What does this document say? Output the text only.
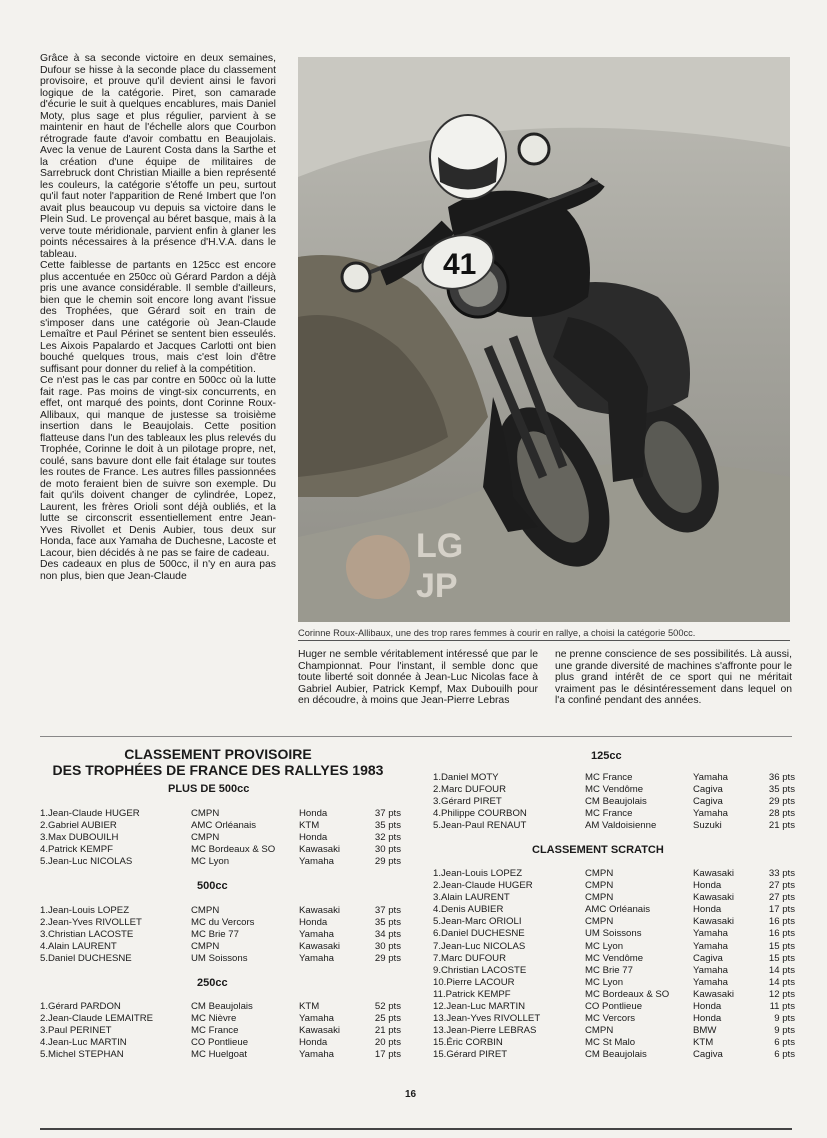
Grâce à sa seconde victoire en deux semaines, Dufour se hisse à la seconde place du classement provisoire, et prouve qu'il devient ainsi le favori logique de la catégorie. Piret, son camarade d'écurie le suit à quelques encablures, mais Daniel Moty, plus sage et plus régulier, parvient à se maintenir en haut de l'échelle alors que Courbon rétrograde faute d'avoir combattu en Beaujolais. Avec la venue de Laurent Costa dans la Sarthe et la création d'une équipe de militaires de Sarrebruck dont Christian Miaille a bien représenté les couleurs, la catégorie s'étoffe un peu, surtout qu'il faut noter l'apparition de René Imbert que l'on avait plus beaucoup vu depuis sa victoire dans le Plein Sud. Le provençal au béret basque, mais à la verve toute méridionale, parvient enfin à glaner les points nécessaires à la présence d'H.V.A. dans le tableau.

Cette faiblesse de partants en 125cc est encore plus accentuée en 250cc où Gérard Pardon a déjà pris une avance considérable. Il semble d'ailleurs, bien que le chemin soit encore long avant l'issue des Trophées, que Gérard soit en train de s'imposer dans une catégorie où Jean-Claude Lemaître et Paul Périnet se sentent bien esseulés. Les Aixois Papalardo et Jacques Carlotti ont bien bouché quelques trous, mais c'est loin d'être suffisant pour donner du relief à la compétition.

Ce n'est pas le cas par contre en 500cc où la lutte fait rage. Pas moins de vingt-six concurrents, en effet, ont marqué des points, dont Corinne Roux-Allibaux, qui manque de justesse sa troisième insertion dans le Beaujolais. Cette position flatteuse dans l'un des tableaux les plus relevés du Trophée, Corinne le doit à un pilotage propre, net, coulé, sans bavure dont elle fait étalage sur toutes les routes de France. Les autres filles passionnées de moto feraient bien de suivre son exemple. Du fait qu'ils doivent changer de cylindrée, Lopez, Laurent, les frères Orioli sont déjà oubliés, et la lutte se circonscrit essentiellement entre Jean-Yves Rivollet et Denis Aubier, tous deux sur Honda, face aux Yamaha de Duchesne, Lacoste et Lacour, bien décidés à ne pas se faire de cadeau.

Des cadeaux en plus de 500cc, il n'y en aura pas non plus, bien que Jean-Claude

41
LG
JP
Corinne Roux-Allibaux, une des trop rares femmes à courir en rallye, a choisi la catégorie 500cc.

Huger ne semble véritablement intéressé que par le Championnat. Pour l'instant, il semble donc que toute liberté soit donnée à Jean-Luc Nicolas face à Gabriel Aubier, Patrick Kempf, Max Dubouilh pour en découdre, à moins que Jean-Pierre Lebras

ne prenne conscience de ses possibilités. Là aussi, une grande diversité de machines s'affronte pour le plus grand intérêt de ce sport qui ne méritait vraiment pas le désintéressement dans lequel on l'a confiné pendant des années.

CLASSEMENT PROVISOIRE
DES TROPHÉES DE FRANCE DES RALLYES 1983
PLUS DE 500cc
1.Jean-Claude HUGER	CMPN	Honda	37 pts
2.Gabriel AUBIER	AMC Orléanais	KTM	35 pts
3.Max DUBOUILH	CMPN	Honda	32 pts
4.Patrick KEMPF	MC Bordeaux & SO	Kawasaki	30 pts
5.Jean-Luc NICOLAS	MC Lyon	Yamaha	29 pts
500cc
1.Jean-Louis LOPEZ	CMPN	Kawasaki	37 pts
2.Jean-Yves RIVOLLET	MC du Vercors	Honda	35 pts
3.Christian LACOSTE	MC Brie 77	Yamaha	34 pts
4.Alain LAURENT	CMPN	Kawasaki	30 pts
5.Daniel DUCHESNE	UM Soissons	Yamaha	29 pts
250cc
1.Gérard PARDON	CM Beaujolais	KTM	52 pts
2.Jean-Claude LEMAITRE	MC Nièvre	Yamaha	25 pts
3.Paul PERINET	MC France	Kawasaki	21 pts
4.Jean-Luc MARTIN	CO Pontlieue	Honda	20 pts
5.Michel STEPHAN	MC Huelgoat	Yamaha	17 pts
125cc
1.Daniel MOTY	MC France	Yamaha	36 pts
2.Marc DUFOUR	MC Vendôme	Cagiva	35 pts
3.Gérard PIRET	CM Beaujolais	Cagiva	29 pts
4.Philippe COURBON	MC France	Yamaha	28 pts
5.Jean-Paul RENAUT	AM Valdoisienne	Suzuki	21 pts
CLASSEMENT SCRATCH
1.Jean-Louis LOPEZ	CMPN	Kawasaki	33 pts
2.Jean-Claude HUGER	CMPN	Honda	27 pts
3.Alain LAURENT	CMPN	Kawasaki	27 pts
4.Denis AUBIER	AMC Orléanais	Honda	17 pts
5.Jean-Marc ORIOLI	CMPN	Kawasaki	16 pts
6.Daniel DUCHESNE	UM Soissons	Yamaha	16 pts
7.Jean-Luc NICOLAS	MC Lyon	Yamaha	15 pts
7.Marc DUFOUR	MC Vendôme	Cagiva	15 pts
9.Christian LACOSTE	MC Brie 77	Yamaha	14 pts
10.Pierre LACOUR	MC Lyon	Yamaha	14 pts
11.Patrick KEMPF	MC Bordeaux & SO	Kawasaki	12 pts
12.Jean-Luc MARTIN	CO Pontlieue	Honda	11 pts
13.Jean-Yves RIVOLLET	MC Vercors	Honda	9 pts
13.Jean-Pierre LEBRAS	CMPN	BMW	9 pts
15.Éric CORBIN	MC St Malo	KTM	6 pts
15.Gérard PIRET	CM Beaujolais	Cagiva	6 pts
16
